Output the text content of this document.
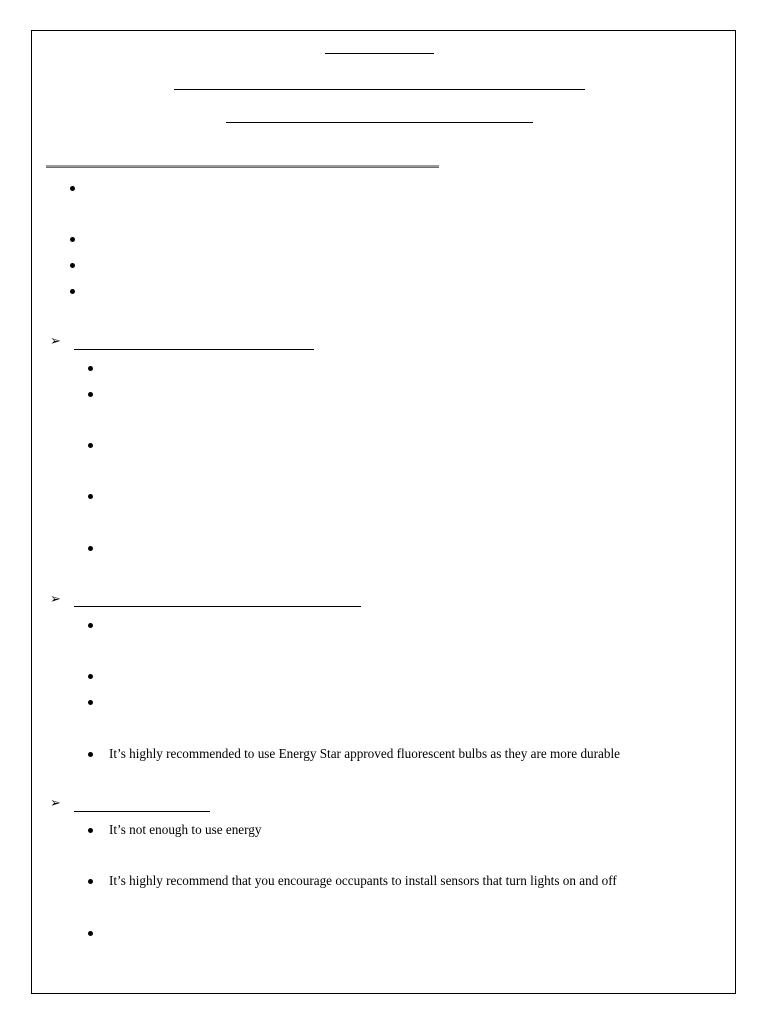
➢
➢
It’s highly recommended to use Energy Star approved fluorescent bulbs as they are more durable
➢
It’s not enough to use energy
It’s highly recommend that you encourage occupants to install sensors that turn lights on and off
